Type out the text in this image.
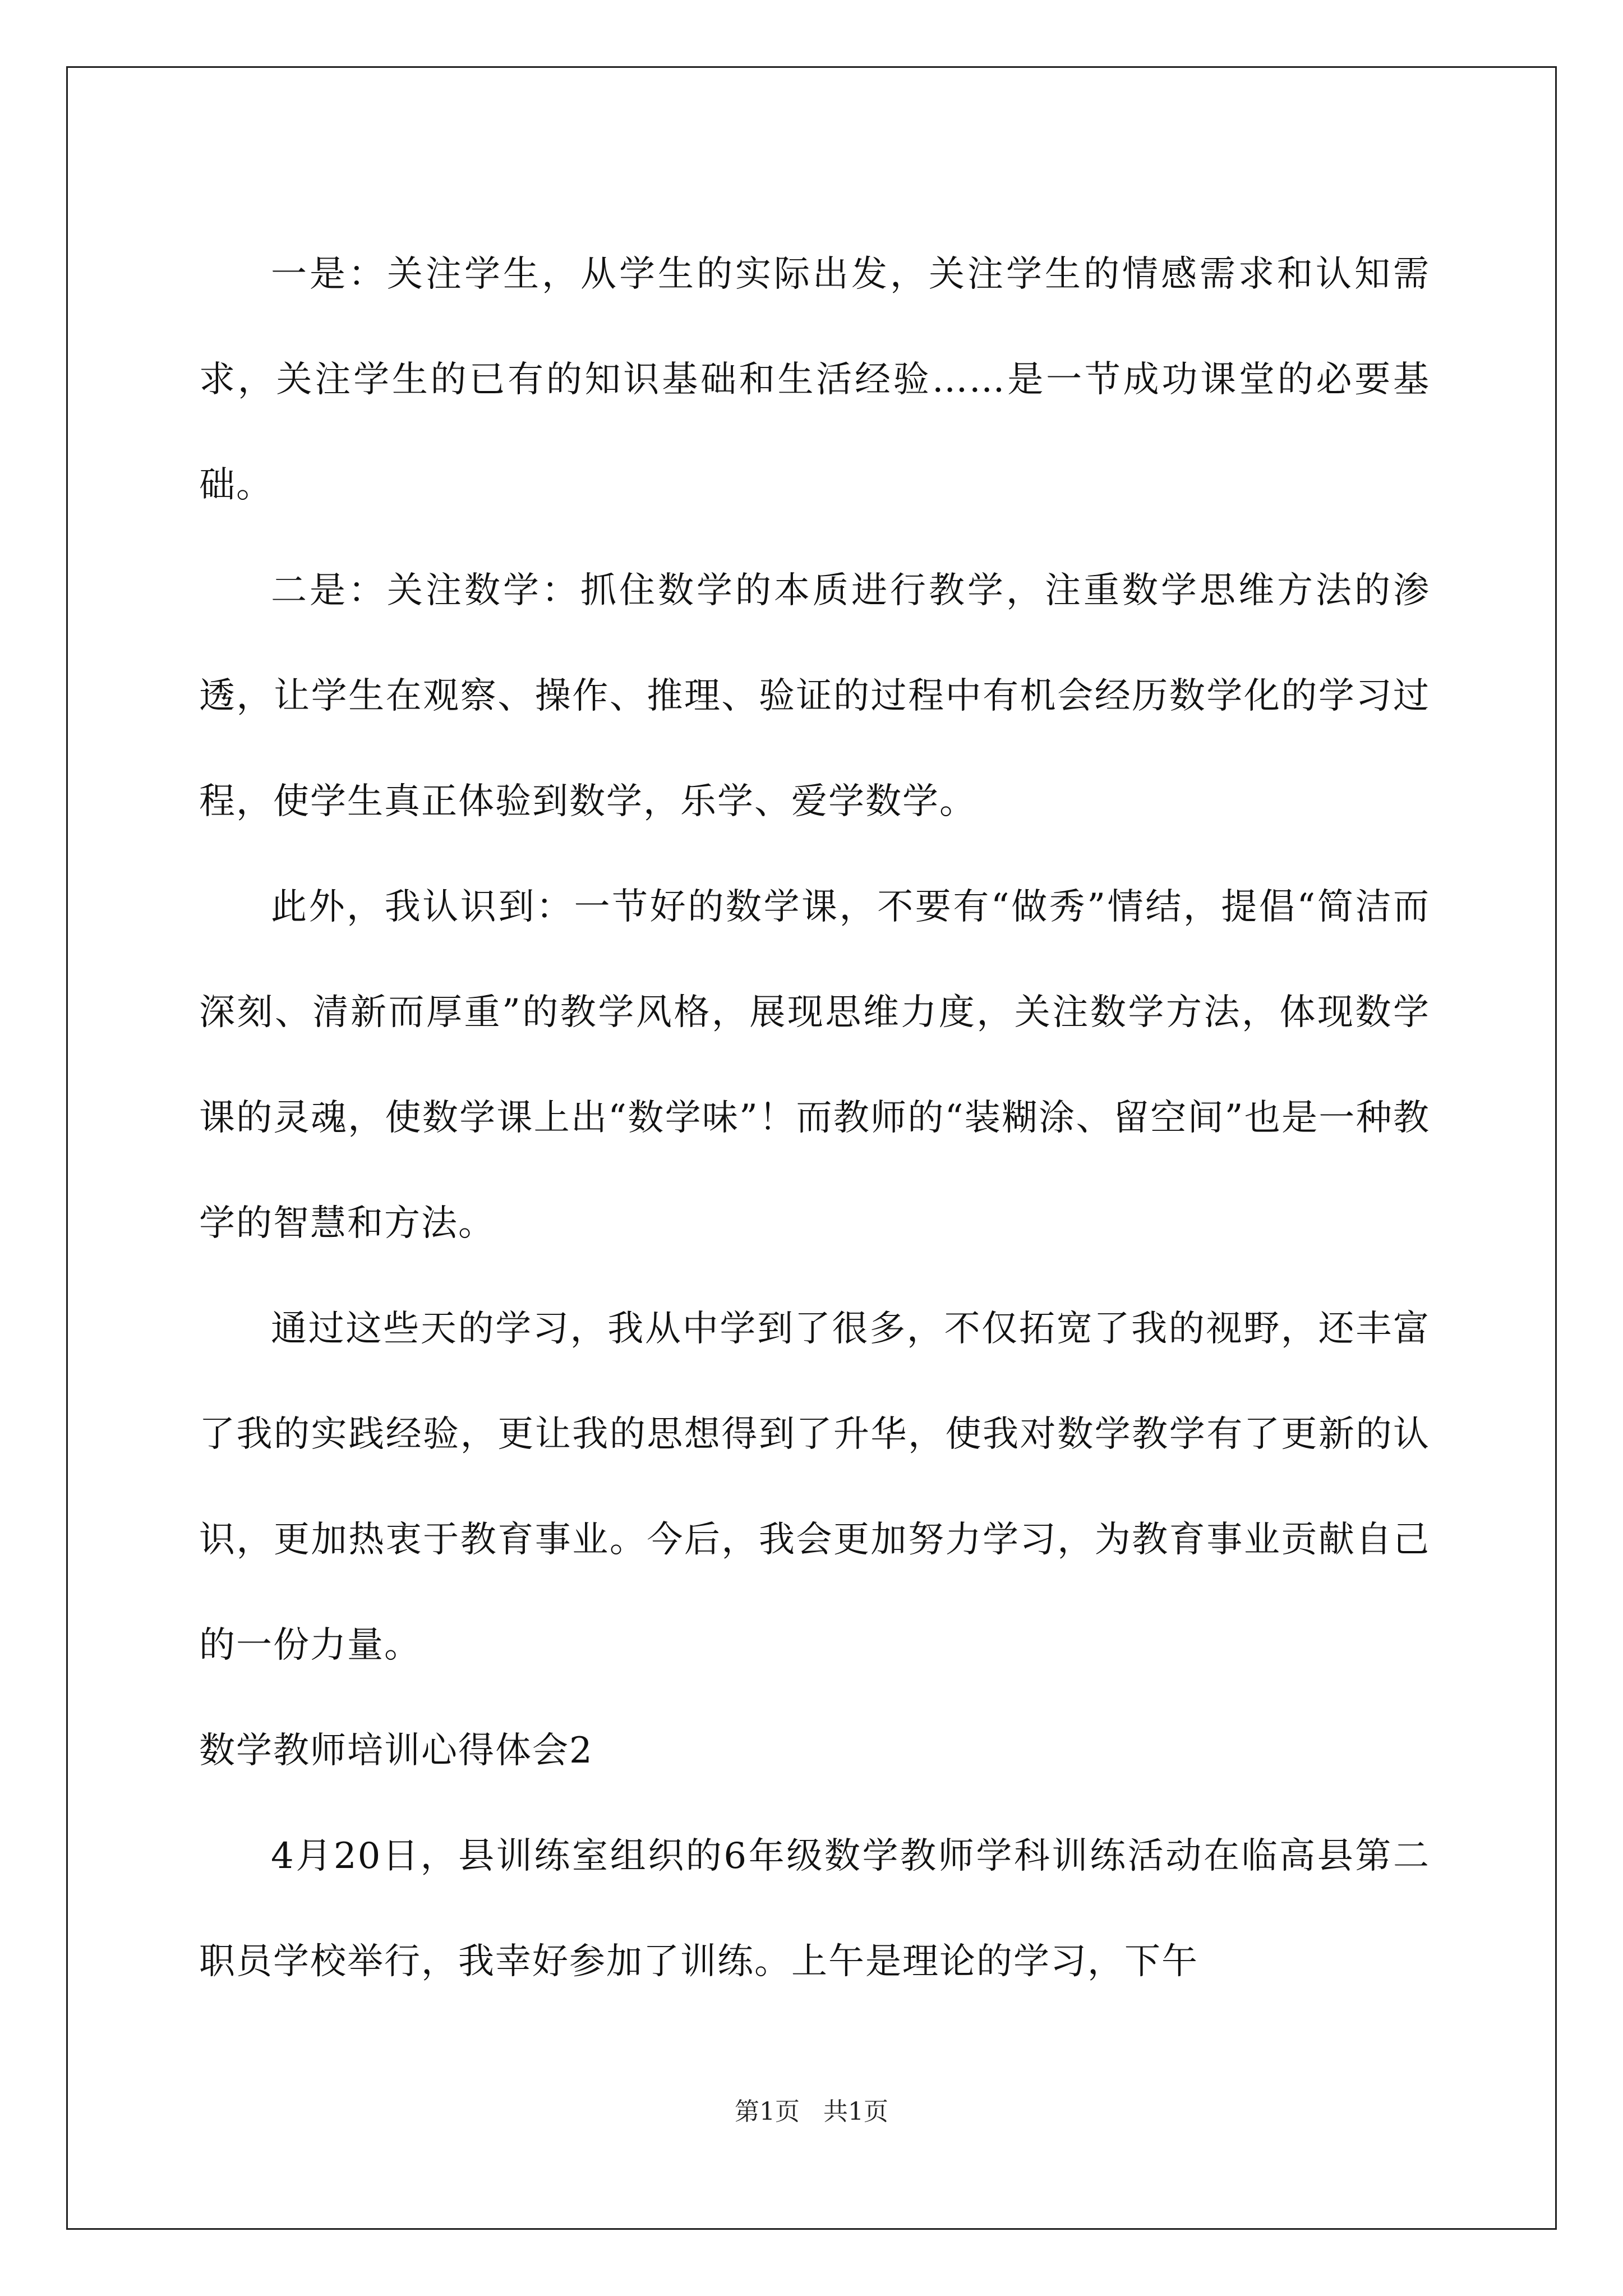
一是：关注学生，从学生的实际出发，关注学生的情感需求和认知需求，关注学生的已有的知识基础和生活经验……是一节成功课堂的必要基础。

二是：关注数学：抓住数学的本质进行教学，注重数学思维方法的渗透，让学生在观察、操作、推理、验证的过程中有机会经历数学化的学习过程，使学生真正体验到数学，乐学、爱学数学。

此外，我认识到：一节好的数学课，不要有“做秀”情结，提倡“简洁而深刻、清新而厚重”的教学风格，展现思维力度，关注数学方法，体现数学课的灵魂，使数学课上出“数学味”！而教师的“装糊涂、留空间”也是一种教学的智慧和方法。

通过这些天的学习，我从中学到了很多，不仅拓宽了我的视野，还丰富了我的实践经验，更让我的思想得到了升华，使我对数学教学有了更新的认识，更加热衷于教育事业。今后，我会更加努力学习，为教育事业贡献自己的一份力量。

数学教师培训心得体会2

4月20日，县训练室组织的6年级数学教师学科训练活动在临高县第二职员学校举行，我幸好参加了训练。上午是理论的学习，下午

第1页 共1页
